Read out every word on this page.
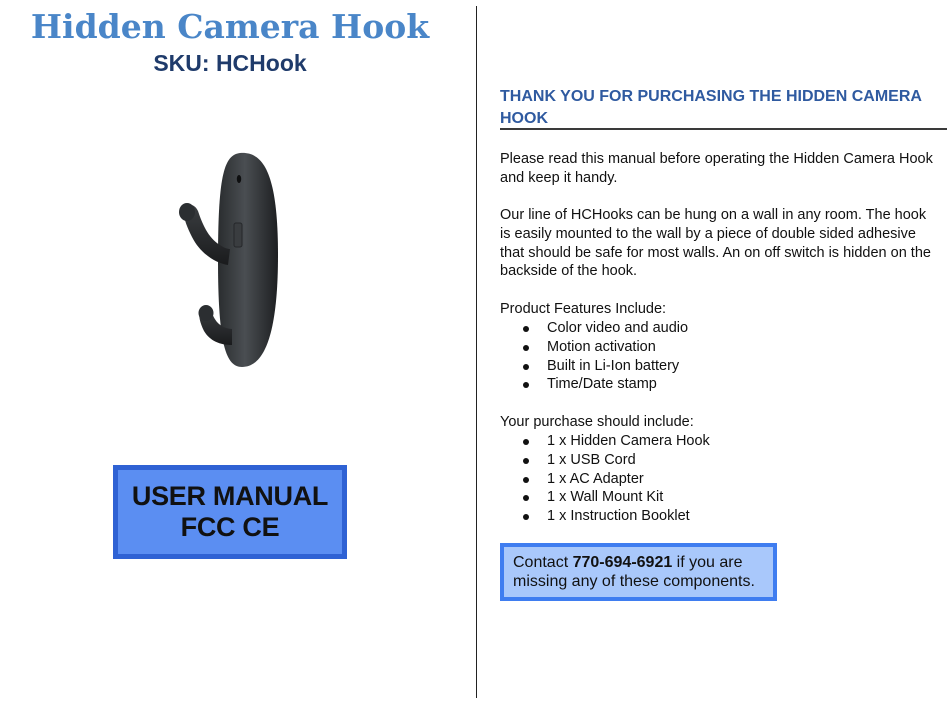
Hidden Camera Hook
SKU: HCHook
USER MANUAL
FCC CE
THANK YOU FOR PURCHASING THE HIDDEN CAMERA HOOK
Please read this manual before operating the Hidden Camera Hook and keep it handy.
Our line of HCHooks can be hung on a wall in any room. The hook is easily mounted to the wall by a piece of double sided adhesive that should be safe for most walls. An on off switch is hidden on the backside of the hook.
Product Features Include:
Color video and audio
Motion activation
Built in Li-Ion battery
Time/Date stamp
Your purchase should include:
1 x Hidden Camera Hook
1 x USB Cord
1 x AC Adapter
1 x Wall Mount Kit
1 x Instruction Booklet
Contact 770-694-6921 if you are
missing any of these components.
